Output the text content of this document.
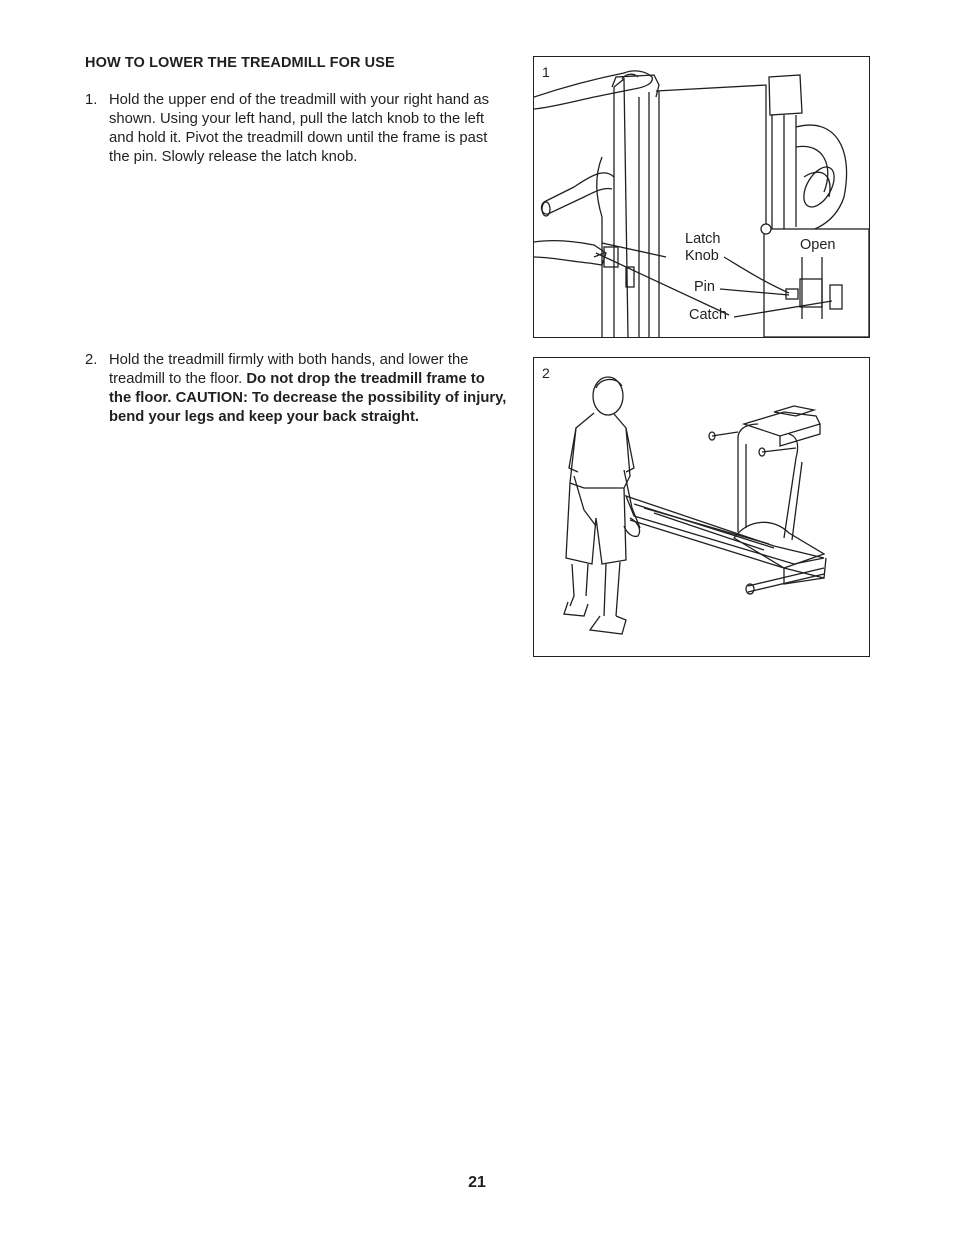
HOW TO LOWER THE TREADMILL FOR USE
1. Hold the upper end of the treadmill with your right hand as shown. Using your left hand, pull the latch knob to the left and hold it. Pivot the treadmill down until the frame is past the pin. Slowly release the latch knob.
2. Hold the treadmill firmly with both hands, and lower the treadmill to the floor. Do not drop the treadmill frame to the floor. CAUTION: To decrease the possibility of injury, bend your legs and keep your back straight.
1
Latch
Knob
Pin
Catch
Open
2
21
